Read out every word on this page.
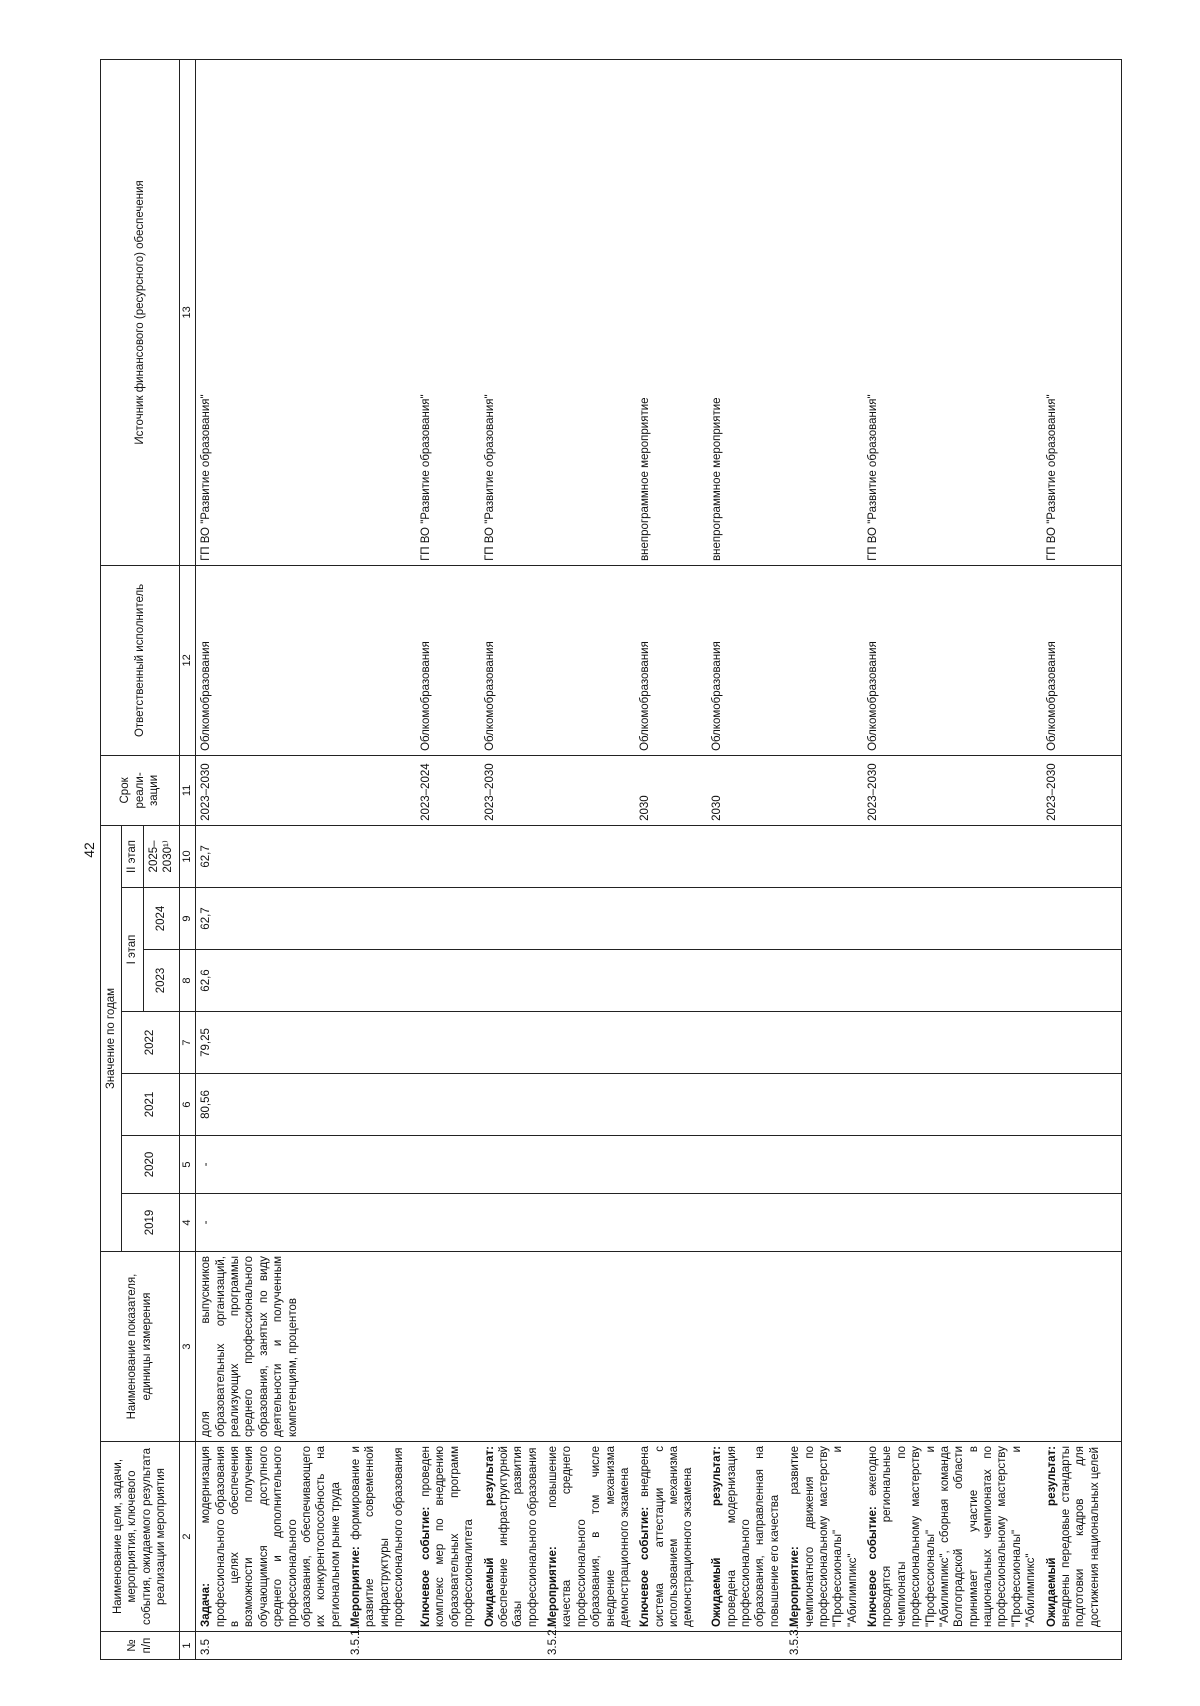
42
№ п/п	Наименование цели, задачи, мероприятия, ключевого события, ожидаемого результата реализации мероприятия	Наименование показателя, единицы измерения	Значение по годам							Срок реали-зации	Ответственный исполнитель	Источник финансового (ресурсного) обеспечения
			2019	2020	2021	2022	I этап		II этап			
							2023	2024	2025–2030¹⁾			
1	2	3	4	5	6	7	8	9	10	11	12	13
3.5	Задача: модернизация профессионального образования в целях обеспечения возможности получения обучающимися доступного среднего и дополнительного профессионального образования, обеспечивающего их конкурентоспособность на региональном рынке труда	доля выпускников образовательных организаций, реализующих программы среднего профессионального образования, занятых по виду деятельности и полученным компетенциям, процентов	-	-	80,56	79,25	62,6	62,7	62,7	2023–2030	Облкомобразования	ГП ВО "Развитие образования"
3.5.1.	Мероприятие: формирование и развитие современной инфраструктуры профессионального образования											
	Ключевое событие: проведен комплекс мер по внедрению образовательных программ профессионалитета									2023–2024	Облкомобразования	ГП ВО "Развитие образования"
	Ожидаемый результат: обеспечение инфраструктурной базы развития профессионального образования									2023–2030	Облкомобразования	ГП ВО "Развитие образования"
3.5.2.	Мероприятие: повышение качества среднего профессионального образования, в том числе внедрение механизма демонстрационного экзамена											
	Ключевое событие: внедрена система аттестации с использованием механизма демонстрационного экзамена									2030	Облкомобразования	внепрограммное мероприятие
	Ожидаемый результат: проведена модернизация профессионального образования, направленная на повышение его качества									2030	Облкомобразования	внепрограммное мероприятие
3.5.3.	Мероприятие: развитие чемпионатного движения по профессиональному мастерству "Профессионалы" и "Абилимпикс"											
	Ключевое событие: ежегодно проводятся региональные чемпионаты по профессиональному мастерству "Профессионалы" и "Абилимпикс", сборная команда Волгоградской области принимает участие в национальных чемпионатах по профессиональному мастерству "Профессионалы" и "Абилимпикс"									2023–2030	Облкомобразования	ГП ВО "Развитие образования"
	Ожидаемый результат: внедрены передовые стандарты подготовки кадров для достижения национальных целей									2023–2030	Облкомобразования	ГП ВО "Развитие образования"
